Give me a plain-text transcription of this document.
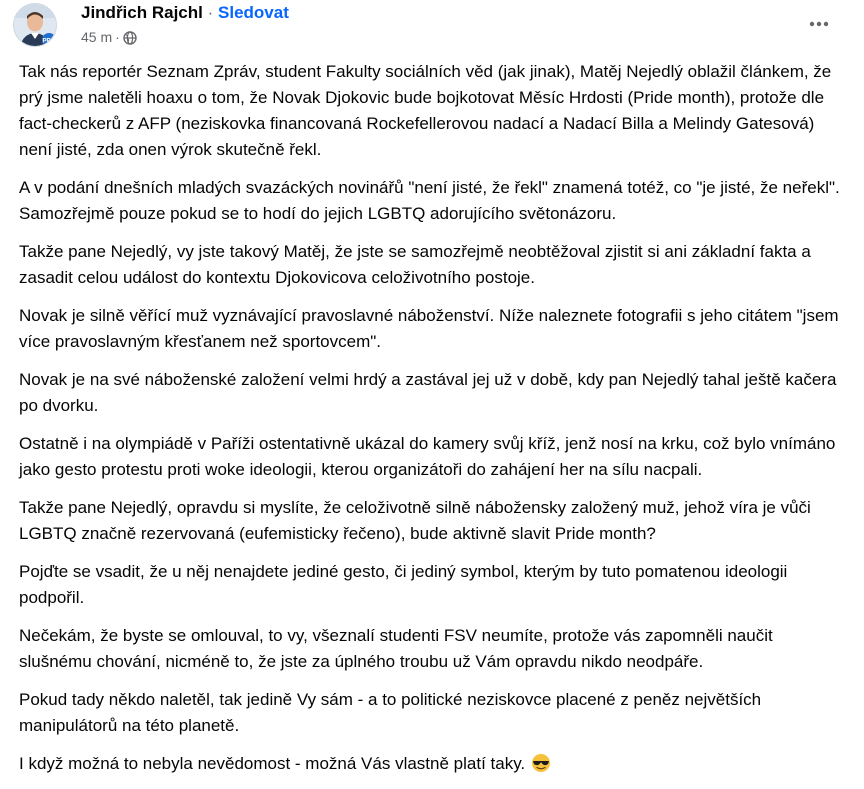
PRO
Jindřich Rajchl · Sledovat
45 m ·

Tak nás reportér Seznam Zpráv, student Fakulty sociálních věd (jak jinak), Matěj Nejedlý oblažil článkem, že prý jsme naletěli hoaxu o tom, že Novak Djokovic bude bojkotovat Měsíc Hrdosti (Pride month), protože dle fact-checkerů z AFP (neziskovka financovaná Rockefellerovou nadací a Nadací Billa a Melindy Gatesová) není jisté, zda onen výrok skutečně řekl.

A v podání dnešních mladých svazáckých novinářů "není jisté, že řekl" znamená totéž, co "je jisté, že neřekl". Samozřejmě pouze pokud se to hodí do jejich LGBTQ adorujícího světonázoru.

Takže pane Nejedlý, vy jste takový Matěj, že jste se samozřejmě neobtěžoval zjistit si ani základní fakta a zasadit celou událost do kontextu Djokovicova celoživotního postoje.

Novak je silně věřící muž vyznávající pravoslavné náboženství. Níže naleznete fotografii s jeho citátem "jsem více pravoslavným křesťanem než sportovcem".

Novak je na své náboženské založení velmi hrdý a zastával jej už v době, kdy pan Nejedlý tahal ještě kačera po dvorku.

Ostatně i na olympiádě v Paříži ostentativně ukázal do kamery svůj kříž, jenž nosí na krku, což bylo vnímáno jako gesto protestu proti woke ideologii, kterou organizátoři do zahájení her na sílu nacpali.

Takže pane Nejedlý, opravdu si myslíte, že celoživotně silně nábožensky založený muž, jehož víra je vůči LGBTQ značně rezervovaná (eufemisticky řečeno), bude aktivně slavit Pride month?

Pojďte se vsadit, že u něj nenajdete jediné gesto, či jediný symbol, kterým by tuto pomatenou ideologii podpořil.

Nečekám, že byste se omlouval, to vy, všeznalí studenti FSV neumíte, protože vás zapomněli naučit slušnému chování, nicméně to, že jste za úplného troubu už Vám opravdu nikdo neodpáře.

Pokud tady někdo naletěl, tak jedině Vy sám - a to politické neziskovce placené z peněz největších manipulátorů na této planetě.

I když možná to nebyla nevědomost - možná Vás vlastně platí taky.
